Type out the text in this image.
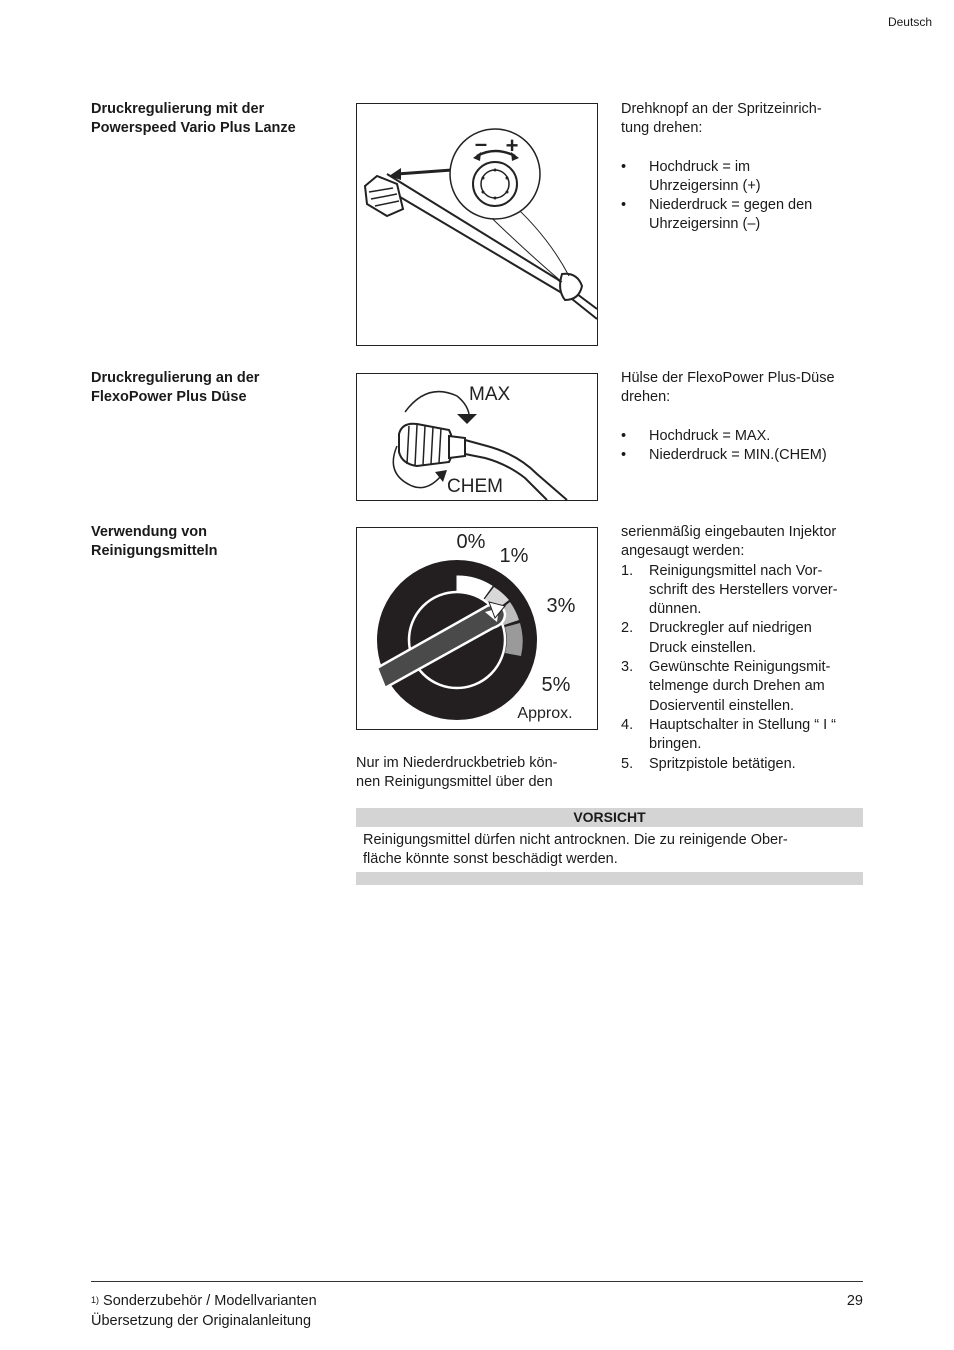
Deutsch
Druckregulierung mit der
Powerspeed Vario Plus Lanze
– +

Drehknopf an der Spritzeinrich-

tung drehen:

• Hochdruck = im
Uhrzeigersinn (+)
• Niederdruck = gegen den
Uhrzeigersinn (–)
Druckregulierung an der
FlexoPower Plus Düse	MAX
CHEM

Hülse der FlexoPower Plus-Düse

drehen:

• Hochdruck = MAX.
• Niederdruck = MIN.(CHEM)
Verwendung von
Reinigungsmitteln	0%
1%
3%
5%
Approx.

Nur im Niederdruckbetrieb kön-

nen Reinigungsmittel über den

serienmäßig eingebauten Injektor

angesaugt werden:

1. Reinigungsmittel nach Vor-
schrift des Herstellers vorver-
dünnen.
2. Druckregler auf niedrigen
Druck einstellen.
3. Gewünschte Reinigungsmit-
telmenge durch Drehen am
Dosierventil einstellen.
4. Hauptschalter in Stellung “ I “
bringen.
5. Spritzpistole betätigen.
VORSICHT

Reinigungsmittel dürfen nicht antrocknen. Die zu reinigende Ober-

fläche könnte sonst beschädigt werden.

$^{1)}$ Sonderzubehör / Modellvarianten
Übersetzung der Originalanleitung
29
